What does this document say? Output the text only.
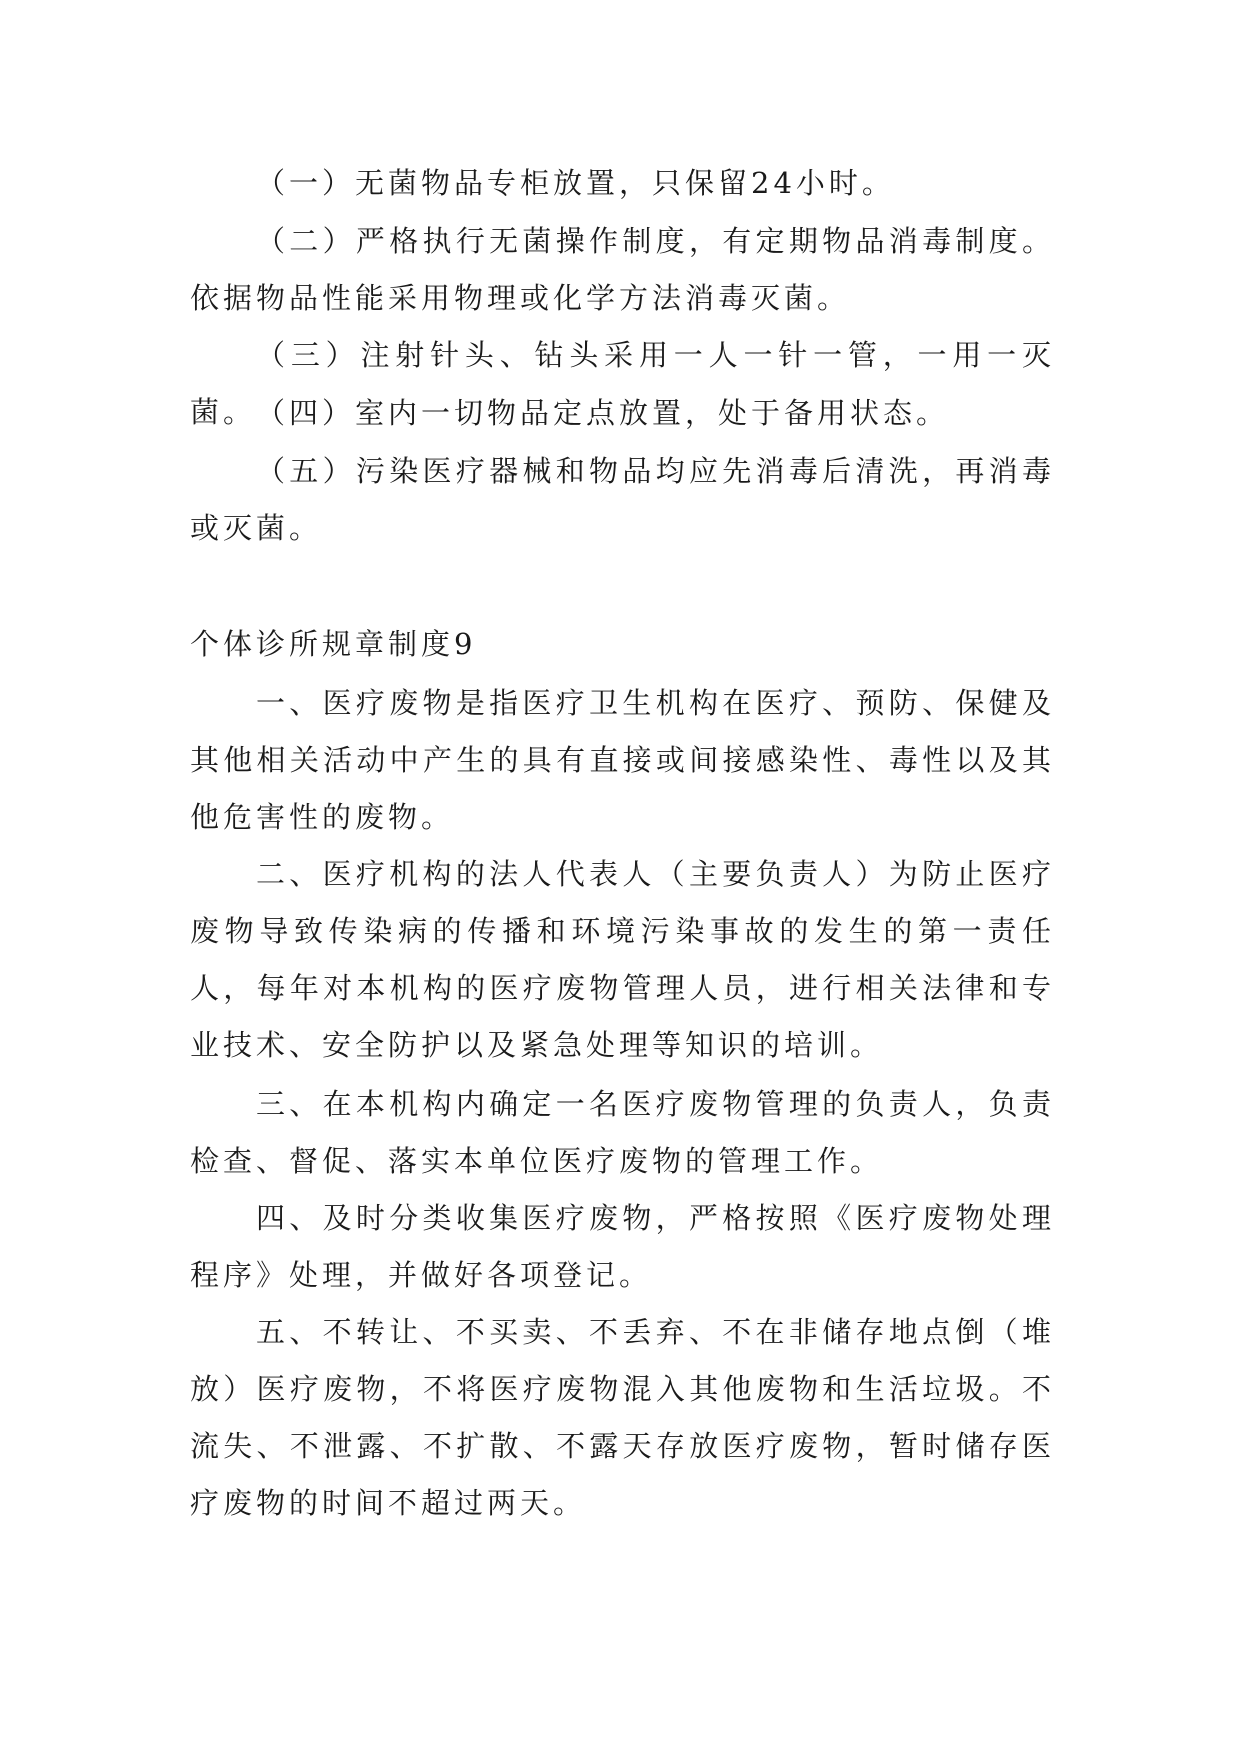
（一）无菌物品专柜放置，只保留24小时。

（二）严格执行无菌操作制度，有定期物品消毒制度。依据物品性能采用物理或化学方法消毒灭菌。

（三）注射针头、钻头采用一人一针一管，一用一灭菌。 （四）室内一切物品定点放置，处于备用状态。

（五）污染医疗器械和物品均应先消毒后清洗，再消毒或灭菌。

个体诊所规章制度9

一、医疗废物是指医疗卫生机构在医疗、预防、保健及其他相关活动中产生的具有直接或间接感染性、毒性以及其他危害性的废物。

二、医疗机构的法人代表人（主要负责人）为防止医疗废物导致传染病的传播和环境污染事故的发生的第一责任人，每年对本机构的医疗废物管理人员，进行相关法律和专业技术、安全防护以及紧急处理等知识的培训。

三、在本机构内确定一名医疗废物管理的负责人，负责检查、督促、落实本单位医疗废物的管理工作。

四、及时分类收集医疗废物，严格按照《医疗废物处理程序》处理，并做好各项登记。

五、不转让、不买卖、不丢弃、不在非储存地点倒（堆放）医疗废物，不将医疗废物混入其他废物和生活垃圾。不流失、不泄露、不扩散、不露天存放医疗废物，暂时储存医疗废物的时间不超过两天。
